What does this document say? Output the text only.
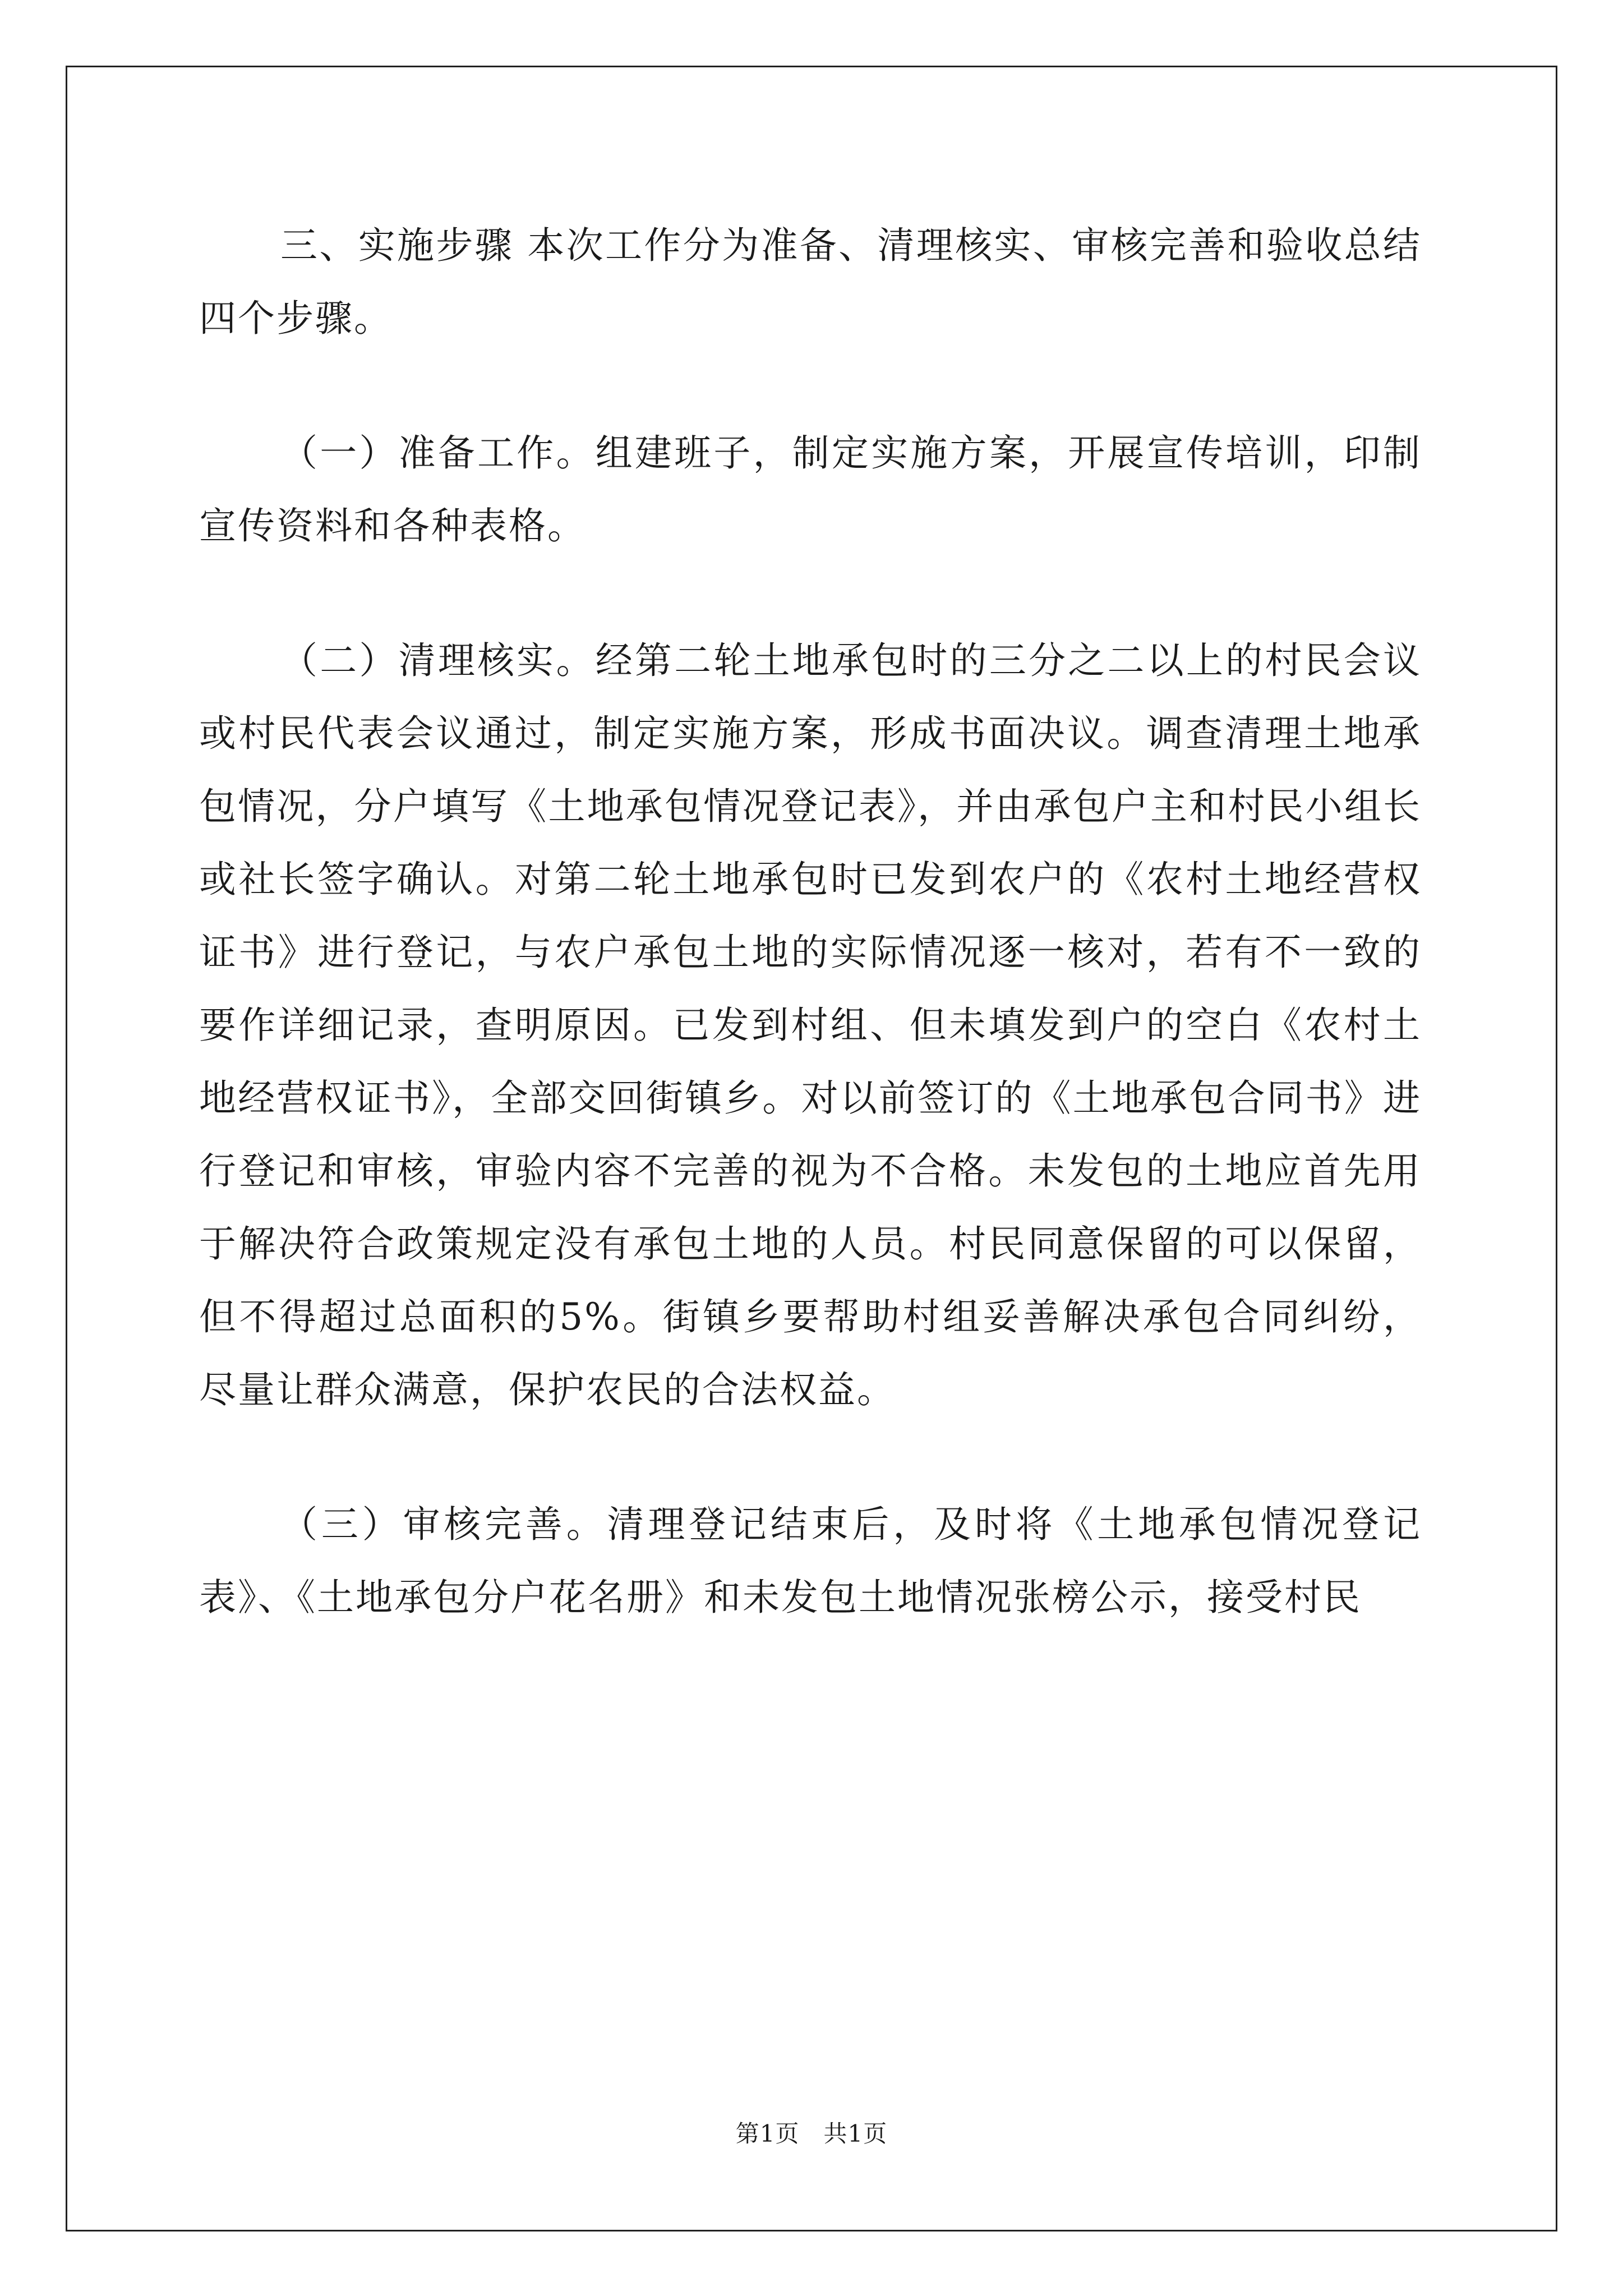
三、实施步骤 本次工作分为准备、清理核实、审核完善和验收总结四个步骤。

（一）准备工作。组建班子，制定实施方案，开展宣传培训，印制宣传资料和各种表格。

（二）清理核实。经第二轮土地承包时的三分之二以上的村民会议或村民代表会议通过，制定实施方案，形成书面决议。调查清理土地承包情况，分户填写《土地承包情况登记表》，并由承包户主和村民小组长或社长签字确认。对第二轮土地承包时已发到农户的《农村土地经营权证书》进行登记，与农户承包土地的实际情况逐一核对，若有不一致的要作详细记录，查明原因。已发到村组、但未填发到户的空白《农村土地经营权证书》，全部交回街镇乡。对以前签订的《土地承包合同书》进行登记和审核，审验内容不完善的视为不合格。未发包的土地应首先用于解决符合政策规定没有承包土地的人员。村民同意保留的可以保留，但不得超过总面积的5%。街镇乡要帮助村组妥善解决承包合同纠纷，尽量让群众满意，保护农民的合法权益。

（三）审核完善。清理登记结束后，及时将《土地承包情况登记表》、《土地承包分户花名册》和未发包土地情况张榜公示，接受村民

第1页 共1页
